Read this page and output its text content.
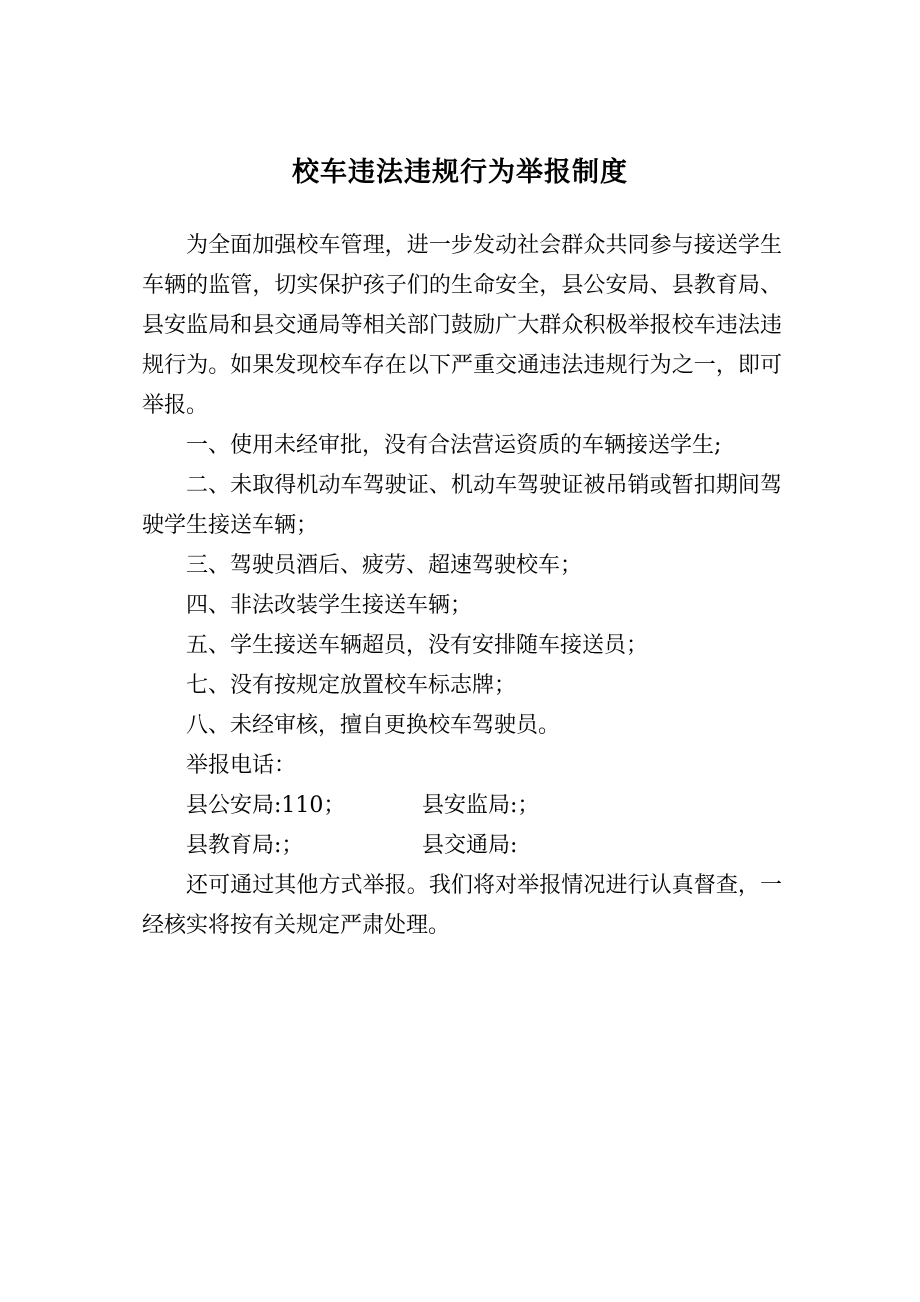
校车违法违规行为举报制度

为全面加强校车管理，进一步发动社会群众共同参与接送学生车辆的监管，切实保护孩子们的生命安全，县公安局、县教育局、县安监局和县交通局等相关部门鼓励广大群众积极举报校车违法违规行为。如果发现校车存在以下严重交通违法违规行为之一，即可举报。

一、使用未经审批，没有合法营运资质的车辆接送学生;

二、未取得机动车驾驶证、机动车驾驶证被吊销或暂扣期间驾驶学生接送车辆；

三、驾驶员酒后、疲劳、超速驾驶校车；

四、非法改装学生接送车辆；

五、学生接送车辆超员，没有安排随车接送员；

七、没有按规定放置校车标志牌；

八、未经审核，擅自更换校车驾驶员。

举报电话：

县公安局:110；	县安监局:；

县教育局:；	县交通局:

还可通过其他方式举报。我们将对举报情况进行认真督查，一经核实将按有关规定严肃处理。
